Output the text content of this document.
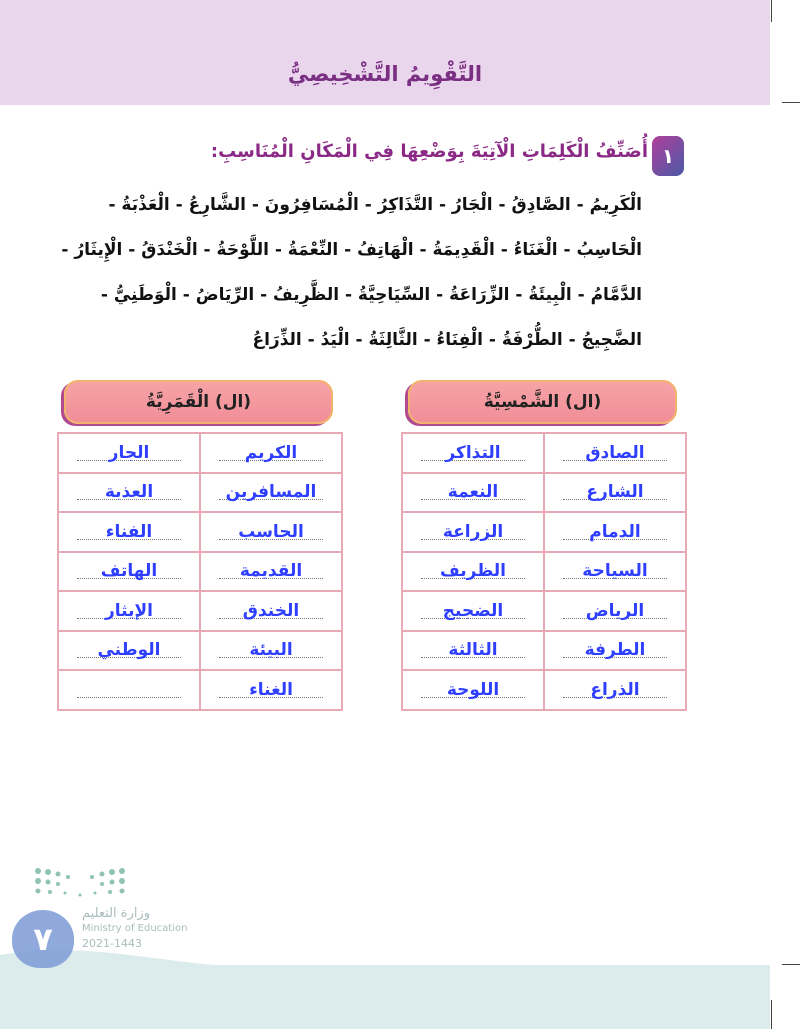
التَّقْوِيمُ التَّشْخِيصِيُّ
١
أُصَنِّفُ الْكَلِمَاتِ الْآتِيَةَ بِوَضْعِهَا فِي الْمَكَانِ الْمُنَاسِبِ:
الْكَرِيمُ - الصَّادِقُ - الْجَارُ - التَّذَاكِرُ - الْمُسَافِرُونَ - الشَّارِعُ - الْعَذْبَةُ -
الْحَاسِبُ - الْغَنَاءُ - الْقَدِيمَةُ - الْهَاتِفُ - النِّعْمَةُ - اللَّوْحَةُ - الْخَنْدَقُ - الْإِيثَارُ -
الدَّمَّامُ - الْبِيئَةُ - الزِّرَاعَةُ - السِّيَاحِيَّةُ - الظَّرِيفُ - الرِّيَاضُ - الْوَطَنِيُّ -
الضَّجِيجُ - الطُّرْفَةُ - الْفِنَاءُ - الثَّالِثَةُ - الْيَدُ - الذِّرَاعُ
(ال) الشَّمْسِيَّةُ
(ال) الْقَمَرِيَّةُ
الصادق	التذاكر

الشارع	النعمة

الدمام	الزراعة

السياحة	الظريف

الرياض	الضجيج

الطرفة	الثالثة

الذراع	اللوحة
الكريم	الجار

المسافرين	العذبة

الحاسب	الفناء

القديمة	الهاتف

الخندق	الإيثار

البيئة	الوطني

الغناء	
٧
وزارة التعليم
Ministry of Education
2021-1443
